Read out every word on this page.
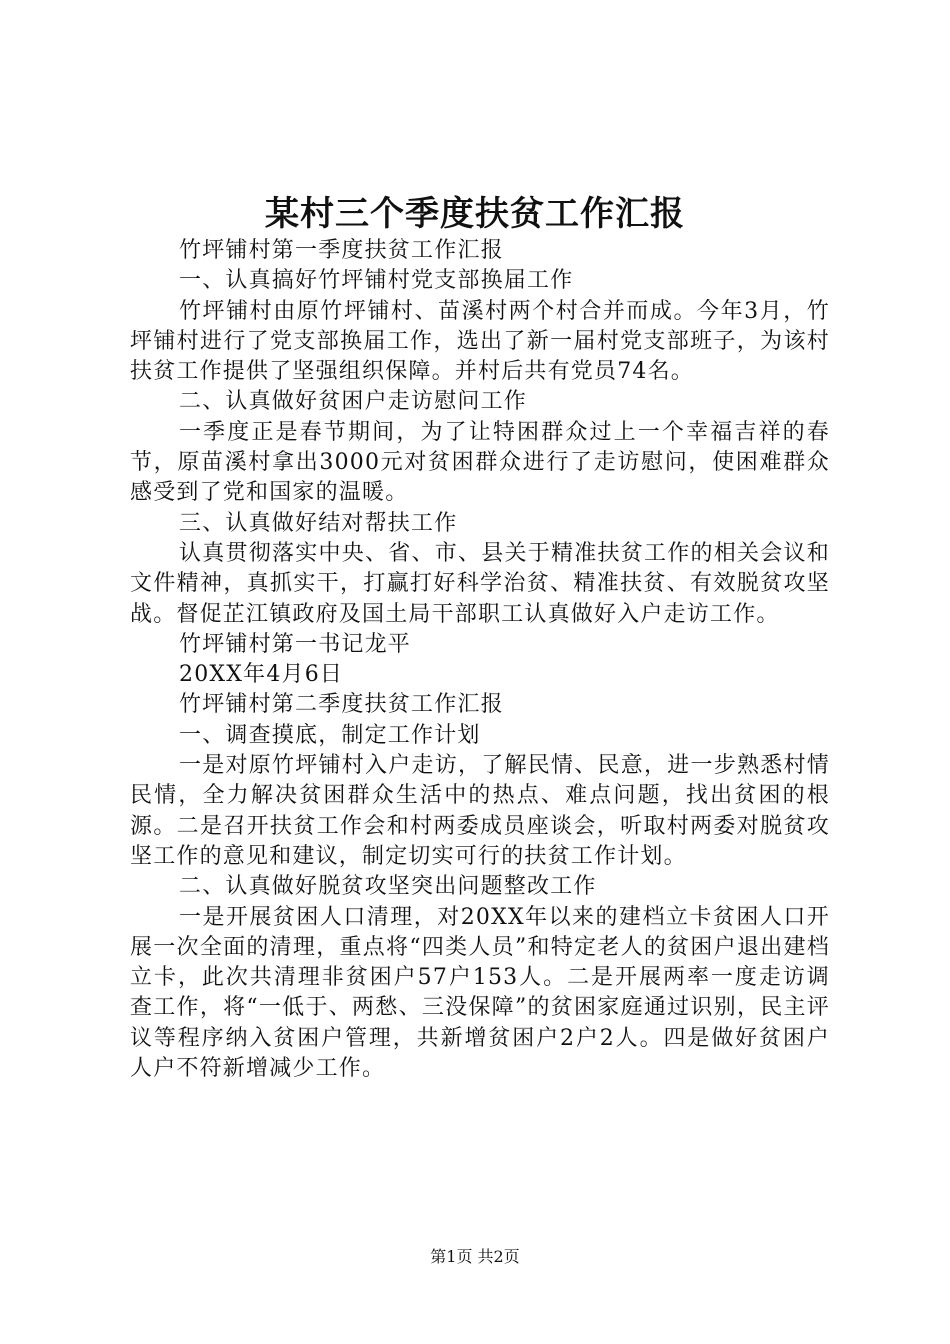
某村三个季度扶贫工作汇报

竹坪铺村第一季度扶贫工作汇报

一、认真搞好竹坪铺村党支部换届工作

竹坪铺村由原竹坪铺村、苗溪村两个村合并而成。今年3月，竹坪铺村进行了党支部换届工作，选出了新一届村党支部班子，为该村扶贫工作提供了坚强组织保障。并村后共有党员74名。

二、认真做好贫困户走访慰问工作

一季度正是春节期间，为了让特困群众过上一个幸福吉祥的春节，原苗溪村拿出3000元对贫困群众进行了走访慰问，使困难群众感受到了党和国家的温暖。

三、认真做好结对帮扶工作

认真贯彻落实中央、省、市、县关于精准扶贫工作的相关会议和文件精神，真抓实干，打赢打好科学治贫、精准扶贫、有效脱贫攻坚战。督促芷江镇政府及国土局干部职工认真做好入户走访工作。

竹坪铺村第一书记龙平

20XX年4月6日

竹坪铺村第二季度扶贫工作汇报

一、调查摸底，制定工作计划

一是对原竹坪铺村入户走访，了解民情、民意，进一步熟悉村情民情，全力解决贫困群众生活中的热点、难点问题，找出贫困的根源。二是召开扶贫工作会和村两委成员座谈会，听取村两委对脱贫攻坚工作的意见和建议，制定切实可行的扶贫工作计划。

二、认真做好脱贫攻坚突出问题整改工作

一是开展贫困人口清理，对20XX年以来的建档立卡贫困人口开展一次全面的清理，重点将“四类人员”和特定老人的贫困户退出建档立卡，此次共清理非贫困户57户153人。二是开展两率一度走访调查工作，将“一低于、两愁、三没保障”的贫困家庭通过识别，民主评议等程序纳入贫困户管理，共新增贫困户2户2人。四是做好贫困户人户不符新增减少工作。

第1页 共2页
